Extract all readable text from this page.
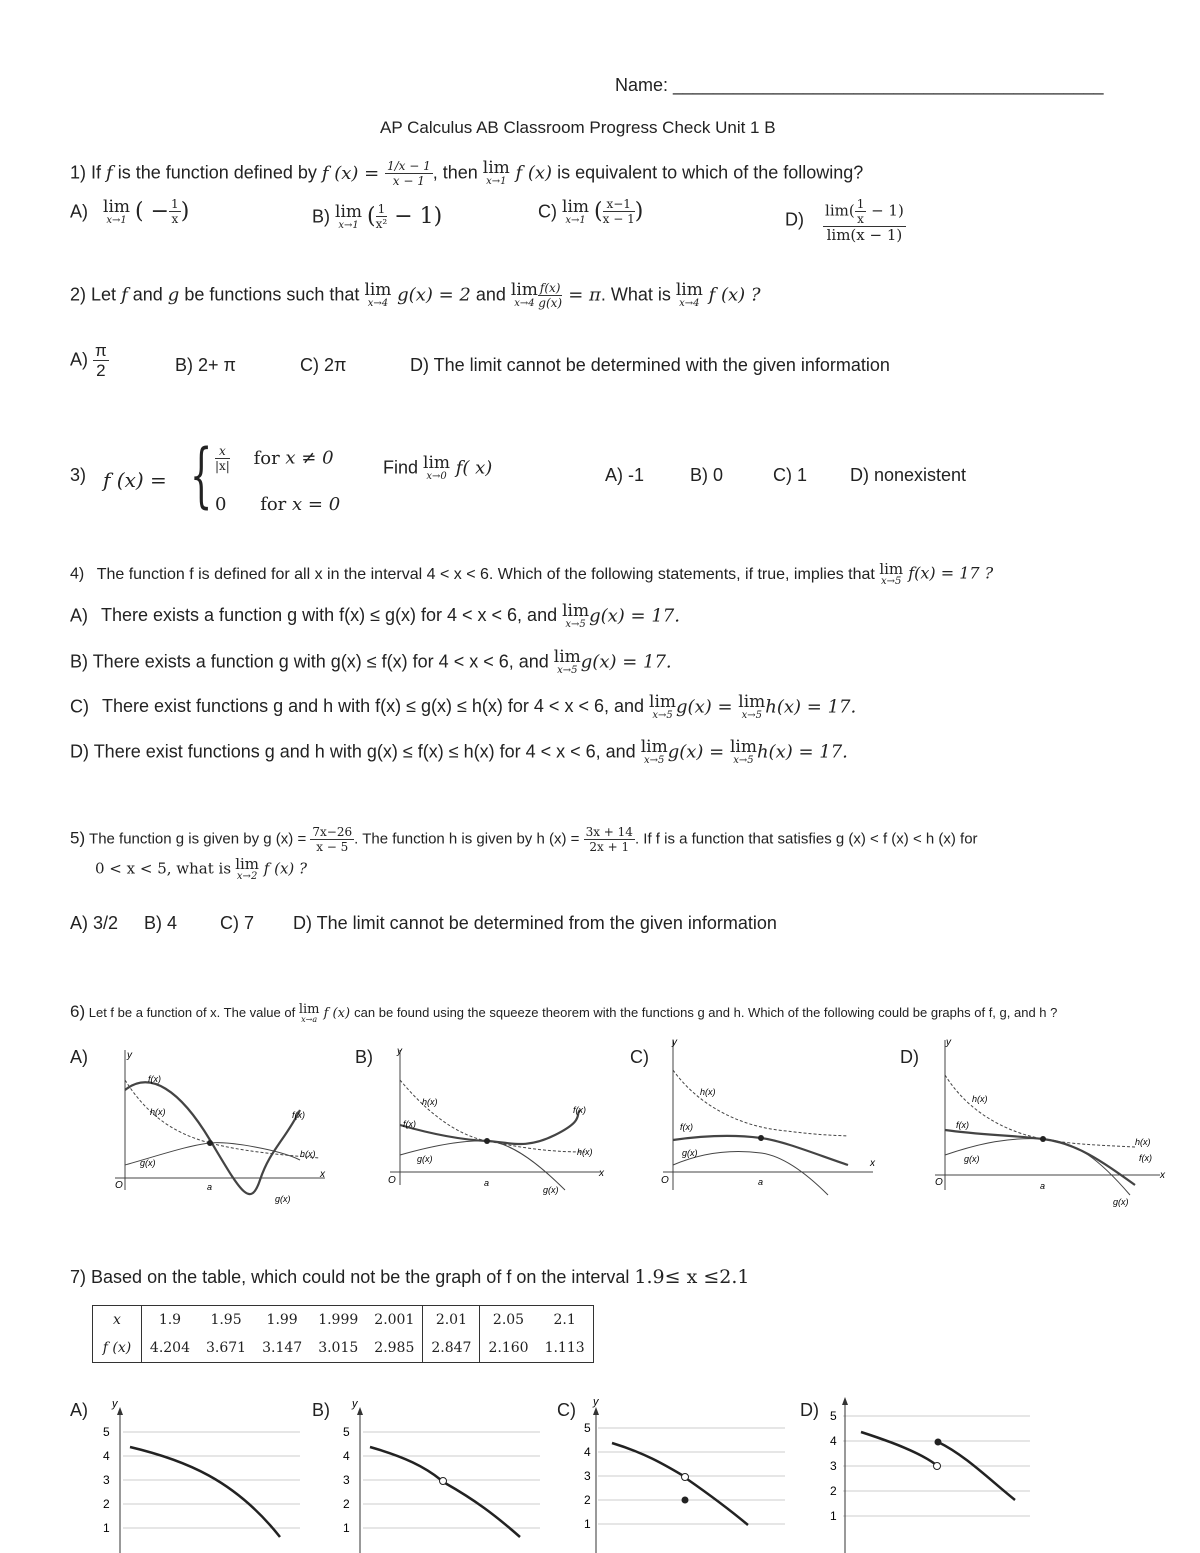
Name: ___________________________________________
AP Calculus AB Classroom Progress Check Unit 1 B
1) If f is the function defined by f $(x) = \frac{1/x - 1}{x - 1}$ , then lim
x→1 f (x) is equivalent to which of the following?
A) lim
x→1 ( − $\frac{1}{x}$ )	B) lim
x→1 ( $\frac{1}{\text{x²}} - 1$)	C) lim
x→1 ( $\frac{x-1}{x - 1}$ )	$D) \frac{\lim( \frac{1}{x} - 1)}{\lim(x - 1)}$
2) Let f and g be functions such that lim
x→4 g(x) = 2 and lim
$x\to 4 \frac{f(x)}{g(x)} = \pi$. What is lim
x→4 f (x) ?
$A) \frac{\pi}{2}$	B) 2+ π	C) 2π	D) The limit cannot be determined with the given information
3) f (x) = { $\frac{x}{|x|}$ for x ≠ 0
0 for x = 0
Find lim
x→0 f( x)	A) -1	B) 0	C) 1 D) nonexistent
4) The function f is defined for all x in the interval 4 < x < 6. Which of the following statements, if true, implies that lim
x→5 f(x) = 17 ?
A) There exists a function g with f(x) ≤ g(x) for 4 < x < 6, and lim
x→5 g(x) = 17.
B) There exists a function g with g(x) ≤ f(x) for 4 < x < 6, and lim
x→5 g(x) = 17.
C) There exist functions g and h with f(x) ≤ g(x) ≤ h(x) for 4 < x < 6, and lim
x→5 g(x) = lim
x→5 h(x) = 17.
D) There exist functions g and h with g(x) ≤ f(x) ≤ h(x) for 4 < x < 6, and lim
x→5 g(x) = lim
x→5 h(x) = 17.
5) The function g is given by g $(x) = \frac{7x-26}{x - 5}$ . The function h is given by h $(x) = \frac{3x + 14}{2x + 1}$ . If f is a function that satisfies g (x) < f (x) < h (x) for
0 < x < 5, what is lim
x→2 f (x) ?
A) 3/2 B) 4 C) 7 D) The limit cannot be determined from the given information
6) Let f be a function of x. The value of lim
x→a f (x) can be found using the squeeze theorem with the functions g and h. Which of the following could be graphs of f, g, and h ?
A)	B)	C)	D)
y
f(x)
h(x)
g(x)
f(x)
h(x)
g(x)
O	a
x
y
h(x)
f(x)
g(x)
f(x)
h(x)
g(x)
O	a
x
y
h(x)
f(x)
g(x)
O	a
x
y
h(x)
f(x)
g(x)
h(x)
f(x)
g(x)
O	a
x
7) Based on the table, which could not be the graph of f on the interval 1.9≤ x ≤2.1
x	1.9	1.95	1.99	1.999	2.001	2.01	2.05	2.1
f (x)	4.204	3.671	3.147	3.015	2.985	2.847	2.160	1.113
A)	B)	C)	D)
y
5
4
3
2
1
y
5
4
3
2
1
y
5
4
3
2
1
5
4
3
2
1
